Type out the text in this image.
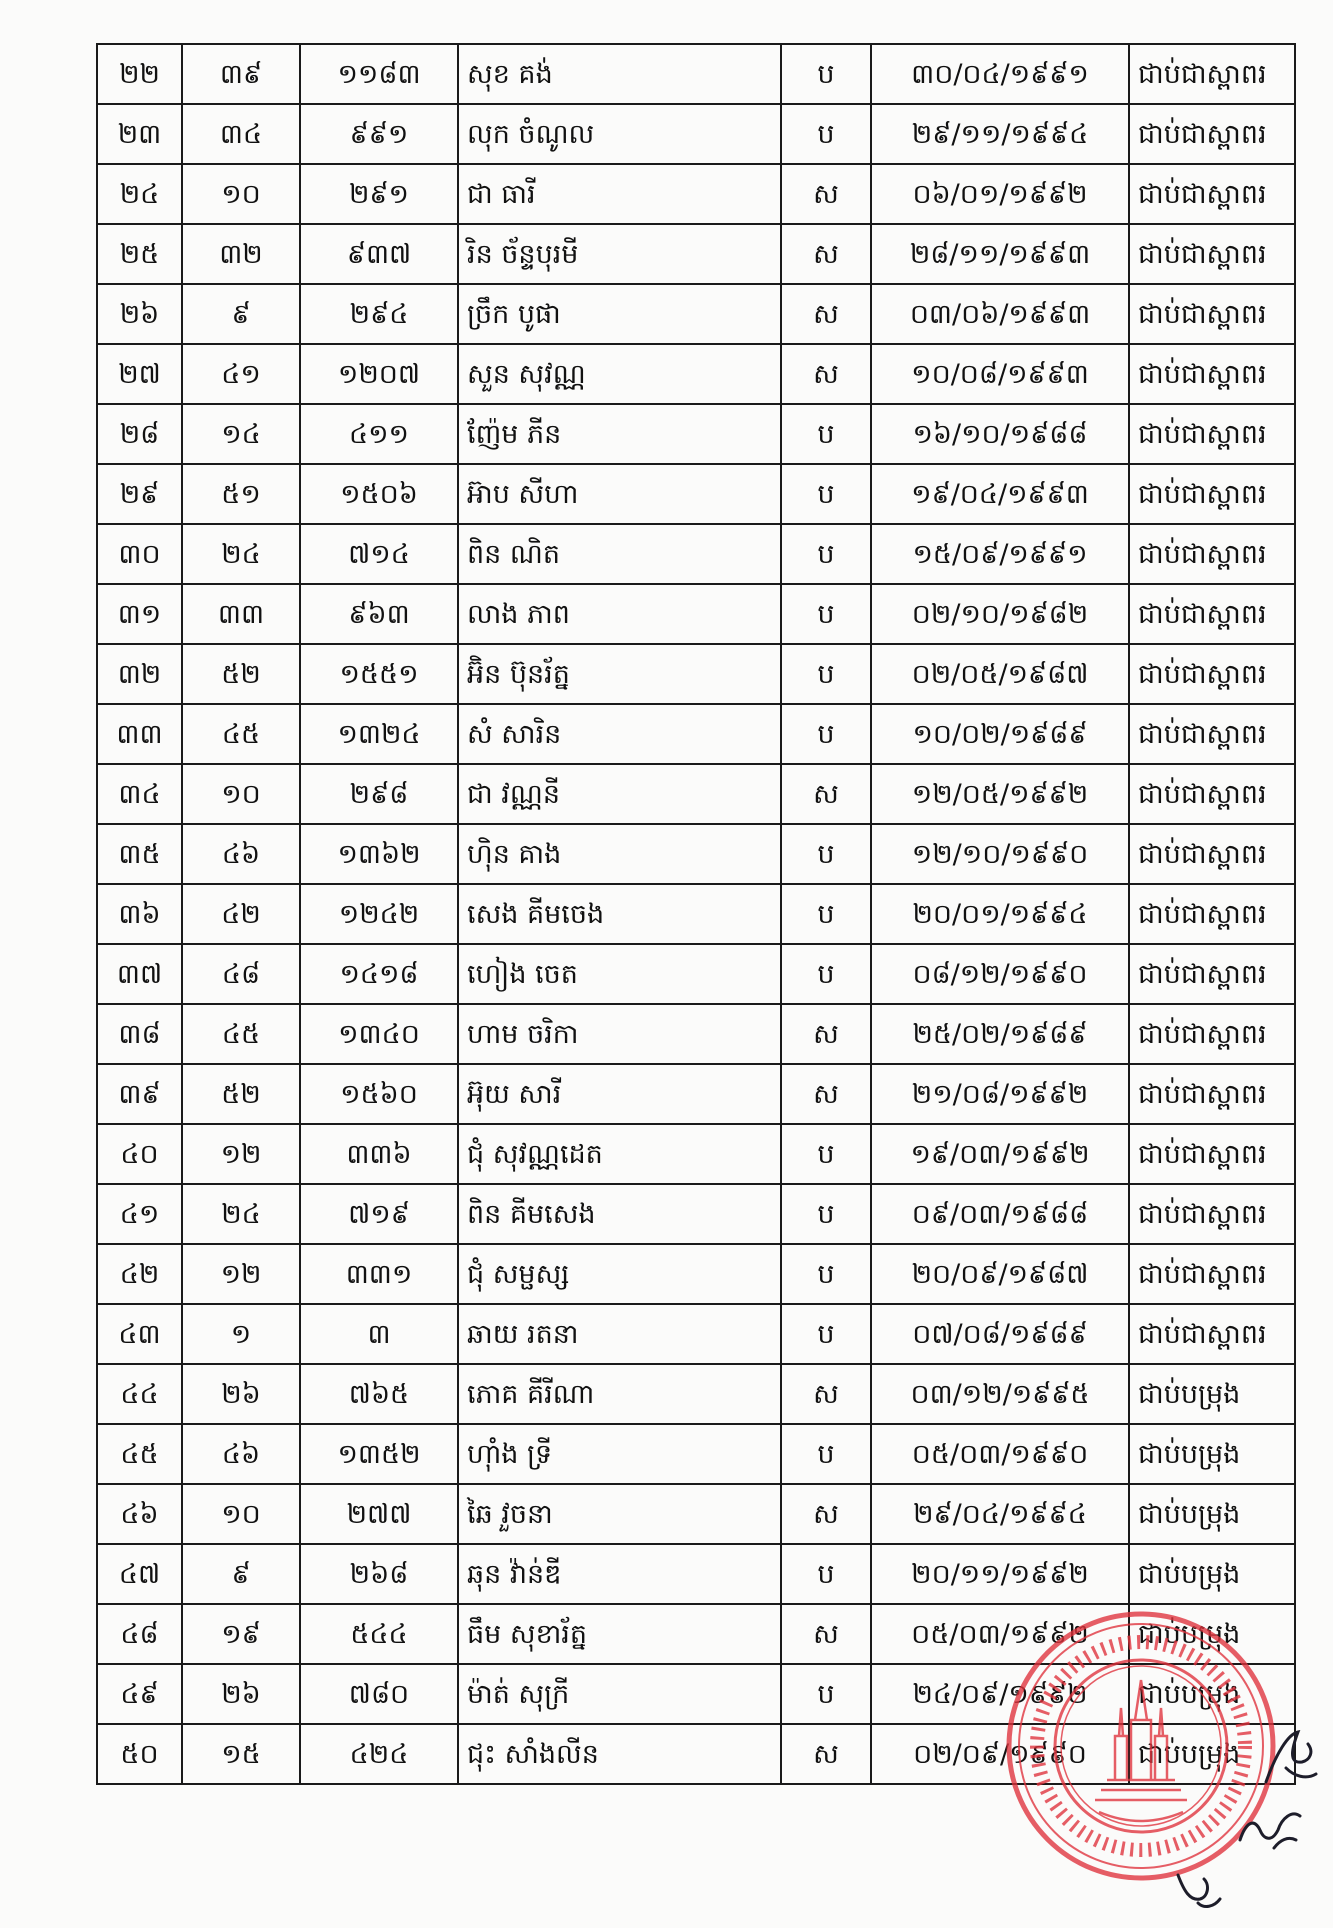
២២	៣៩	១១៨៣	សុខ គង់	ប	៣០/០៤/១៩៩១	ជាប់ជាស្ពាពរ
២៣	៣៤	៩៩១	លុក ចំណូល	ប	២៩/១១/១៩៩៤	ជាប់ជាស្ពាពរ
២៤	១០	២៩១	ជា ធារី	ស	០៦/០១/១៩៩២	ជាប់ជាស្ពាពរ
២៥	៣២	៩៣៧	រិន ច័ន្ទបុរមី	ស	២៨/១១/១៩៩៣	ជាប់ជាស្ពាពរ
២៦	៩	២៩៤	ច្រឹក បូផា	ស	០៣/០៦/១៩៩៣	ជាប់ជាស្ពាពរ
២៧	៤១	១២០៧	សួន សុវណ្ណ	ស	១០/០៨/១៩៩៣	ជាប់ជាស្ពាពរ
២៨	១៤	៤១១	ញ៉ែម ភីន	ប	១៦/១០/១៩៨៨	ជាប់ជាស្ពាពរ
២៩	៥១	១៥០៦	អ៊ាប សីហា	ប	១៩/០៤/១៩៩៣	ជាប់ជាស្ពាពរ
៣០	២៤	៧១៤	ពិន ណិត	ប	១៥/០៩/១៩៩១	ជាប់ជាស្ពាពរ
៣១	៣៣	៩៦៣	លាង ភាព	ប	០២/១០/១៩៨២	ជាប់ជាស្ពាពរ
៣២	៥២	១៥៥១	អ៊ិន ប៊ុនរ័ត្ន	ប	០២/០៥/១៩៨៧	ជាប់ជាស្ពាពរ
៣៣	៤៥	១៣២៤	សំ សារិន	ប	១០/០២/១៩៨៩	ជាប់ជាស្ពាពរ
៣៤	១០	២៩៨	ជា វណ្ណនី	ស	១២/០៥/១៩៩២	ជាប់ជាស្ពាពរ
៣៥	៤៦	១៣៦២	ហ៊ិន គាង	ប	១២/១០/១៩៩០	ជាប់ជាស្ពាពរ
៣៦	៤២	១២៤២	សេង គីមចេង	ប	២០/០១/១៩៩៤	ជាប់ជាស្ពាពរ
៣៧	៤៨	១៤១៨	ហៀង ចេត	ប	០៨/១២/១៩៩០	ជាប់ជាស្ពាពរ
៣៨	៤៥	១៣៤០	ហាម ចរិកា	ស	២៥/០២/១៩៨៩	ជាប់ជាស្ពាពរ
៣៩	៥២	១៥៦០	អ៊ុយ សារី	ស	២១/០៨/១៩៩២	ជាប់ជាស្ពាពរ
៤០	១២	៣៣៦	ជុំ សុវណ្ណដេត	ប	១៩/០៣/១៩៩២	ជាប់ជាស្ពាពរ
៤១	២៤	៧១៩	ពិន គីមសេង	ប	០៩/០៣/១៩៨៨	ជាប់ជាស្ពាពរ
៤២	១២	៣៣១	ជុំ សម្ផស្ស	ប	២០/០៩/១៩៨៧	ជាប់ជាស្ពាពរ
៤៣	១	៣	ឆាយ រតនា	ប	០៧/០៨/១៩៨៩	ជាប់ជាស្ពាពរ
៤៤	២៦	៧៦៥	ភោគ គីរីណា	ស	០៣/១២/១៩៩៥	ជាប់បម្រុង
៤៥	៤៦	១៣៥២	ហ៊ាំង ទ្រី	ប	០៥/០៣/១៩៩០	ជាប់បម្រុង
៤៦	១០	២៧៧	ឆៃ វួចនា	ស	២៩/០៤/១៩៩៤	ជាប់បម្រុង
៤៧	៩	២៦៨	ឆុន វ៉ាន់ឌី	ប	២០/១១/១៩៩២	ជាប់បម្រុង
៤៨	១៩	៥៤៤	ធឹម សុខារ័ត្ន	ស	០៥/០៣/១៩៩២	ជាប់បម្រុង
៤៩	២៦	៧៨០	ម៉ាត់ សុក្រី	ប	២៤/០៩/១៩៩២	ជាប់បម្រុង
៥០	១៥	៤២៤	ជុះ សាំងលីន	ស	០២/០៩/១៩៩០	ជាប់បម្រុង
